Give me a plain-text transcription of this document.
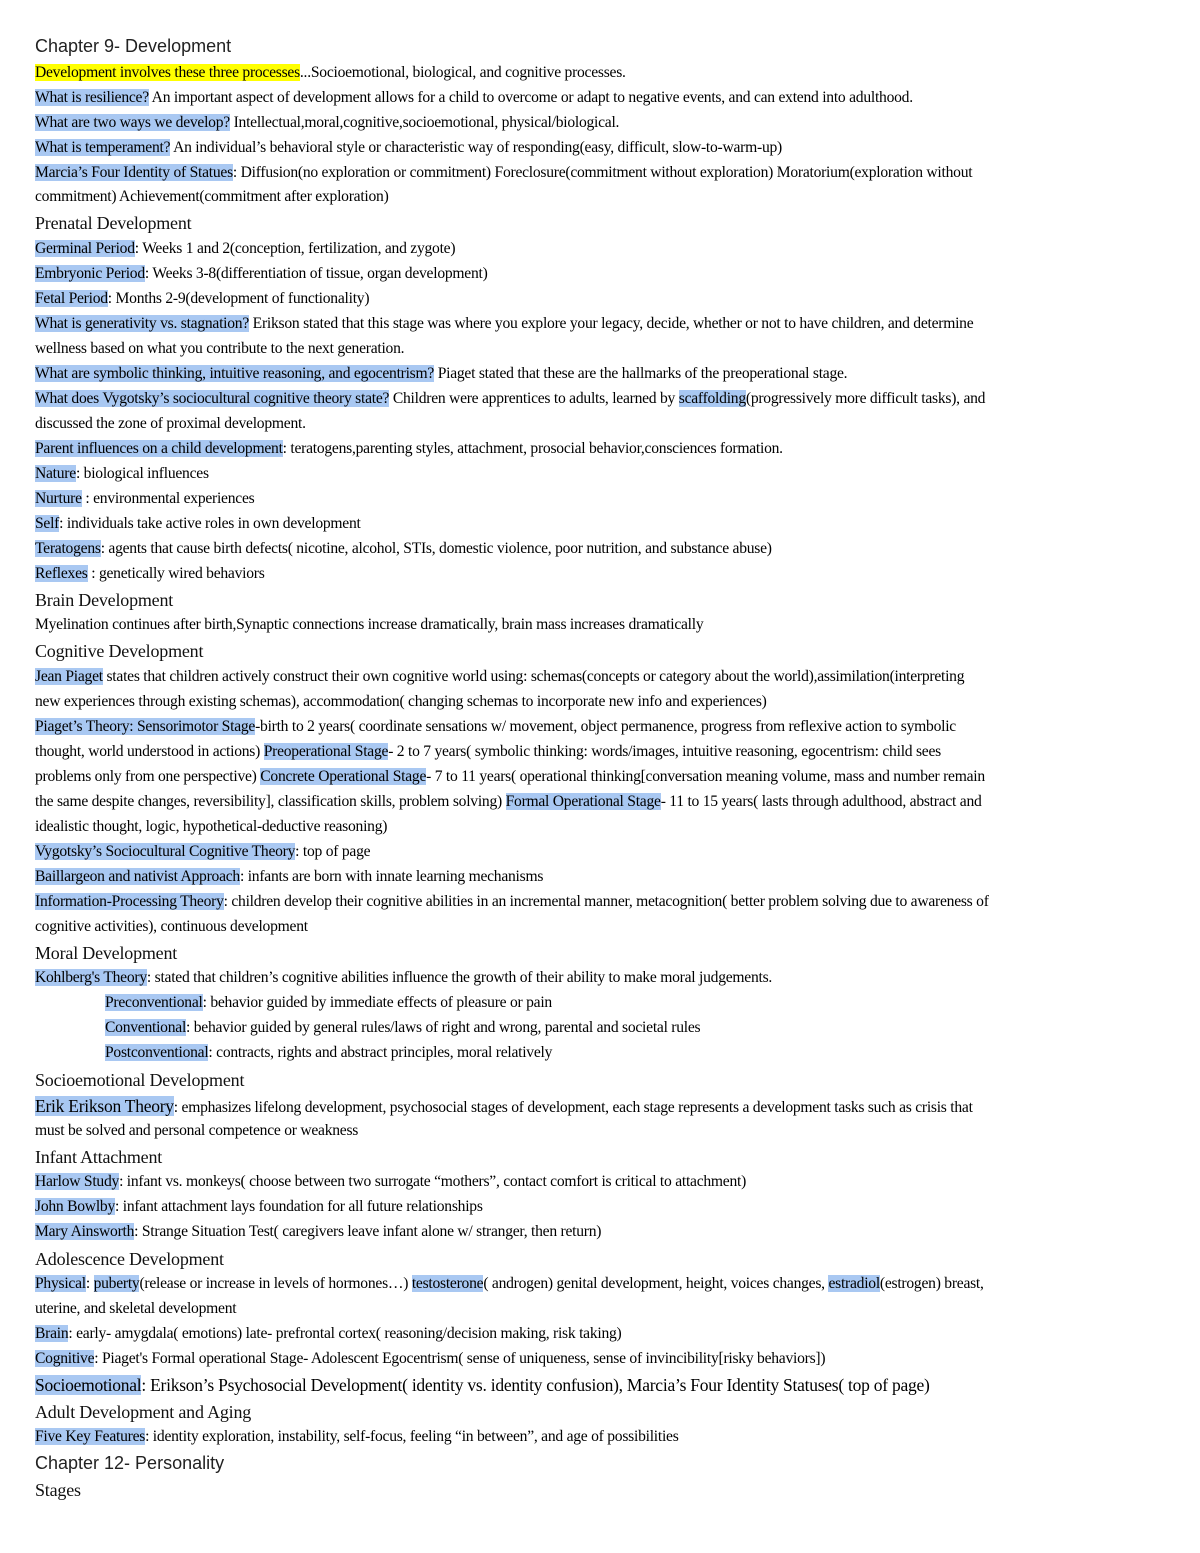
Chapter 9- Development
Development involves these three processes...Socioemotional, biological, and cognitive processes.
What is resilience? An important aspect of development allows for a child to overcome or adapt to negative events, and can extend into adulthood.
What are two ways we develop? Intellectual,moral,cognitive,socioemotional, physical/biological.
What is temperament? An individual’s behavioral style or characteristic way of responding(easy, difficult, slow-to-warm-up)
Marcia’s Four Identity of Statues: Diffusion(no exploration or commitment) Foreclosure(commitment without exploration) Moratorium(exploration without
commitment) Achievement(commitment after exploration)
Prenatal Development
Germinal Period: Weeks 1 and 2(conception, fertilization, and zygote)
Embryonic Period: Weeks 3-8(differentiation of tissue, organ development)
Fetal Period: Months 2-9(development of functionality)
What is generativity vs. stagnation? Erikson stated that this stage was where you explore your legacy, decide, whether or not to have children, and determine
wellness based on what you contribute to the next generation.
What are symbolic thinking, intuitive reasoning, and egocentrism? Piaget stated that these are the hallmarks of the preoperational stage.
What does Vygotsky’s sociocultural cognitive theory state? Children were apprentices to adults, learned by scaffolding(progressively more difficult tasks), and
discussed the zone of proximal development.
Parent influences on a child development: teratogens,parenting styles, attachment, prosocial behavior,consciences formation.
Nature: biological influences
Nurture : environmental experiences
Self: individuals take active roles in own development
Teratogens: agents that cause birth defects( nicotine, alcohol, STIs, domestic violence, poor nutrition, and substance abuse)
Reflexes : genetically wired behaviors
Brain Development
Myelination continues after birth,Synaptic connections increase dramatically, brain mass increases dramatically
Cognitive Development
Jean Piaget states that children actively construct their own cognitive world using: schemas(concepts or category about the world),assimilation(interpreting
new experiences through existing schemas), accommodation( changing schemas to incorporate new info and experiences)
Piaget’s Theory: Sensorimotor Stage-birth to 2 years( coordinate sensations w/ movement, object permanence, progress from reflexive action to symbolic
thought, world understood in actions) Preoperational Stage- 2 to 7 years( symbolic thinking: words/images, intuitive reasoning, egocentrism: child sees
problems only from one perspective) Concrete Operational Stage- 7 to 11 years( operational thinking[conversation meaning volume, mass and number remain
the same despite changes, reversibility], classification skills, problem solving) Formal Operational Stage- 11 to 15 years( lasts through adulthood, abstract and
idealistic thought, logic, hypothetical-deductive reasoning)
Vygotsky’s Sociocultural Cognitive Theory: top of page
Baillargeon and nativist Approach: infants are born with innate learning mechanisms
Information-Processing Theory: children develop their cognitive abilities in an incremental manner, metacognition( better problem solving due to awareness of
cognitive activities), continuous development
Moral Development
Kohlberg's Theory: stated that children’s cognitive abilities influence the growth of their ability to make moral judgements.
Preconventional: behavior guided by immediate effects of pleasure or pain
Conventional: behavior guided by general rules/laws of right and wrong, parental and societal rules
Postconventional: contracts, rights and abstract principles, moral relatively
Socioemotional Development
Erik Erikson Theory: emphasizes lifelong development, psychosocial stages of development, each stage represents a development tasks such as crisis that
must be solved and personal competence or weakness
Infant Attachment
Harlow Study: infant vs. monkeys( choose between two surrogate “mothers”, contact comfort is critical to attachment)
John Bowlby: infant attachment lays foundation for all future relationships
Mary Ainsworth: Strange Situation Test( caregivers leave infant alone w/ stranger, then return)
Adolescence Development
Physical: puberty(release or increase in levels of hormones…) testosterone( androgen) genital development, height, voices changes, estradiol(estrogen) breast,
uterine, and skeletal development
Brain: early- amygdala( emotions) late- prefrontal cortex( reasoning/decision making, risk taking)
Cognitive: Piaget's Formal operational Stage- Adolescent Egocentrism( sense of uniqueness, sense of invincibility[risky behaviors])
Socioemotional: Erikson’s Psychosocial Development( identity vs. identity confusion), Marcia’s Four Identity Statuses( top of page)
Adult Development and Aging
Five Key Features: identity exploration, instability, self-focus, feeling “in between”, and age of possibilities
Chapter 12- Personality
Stages
